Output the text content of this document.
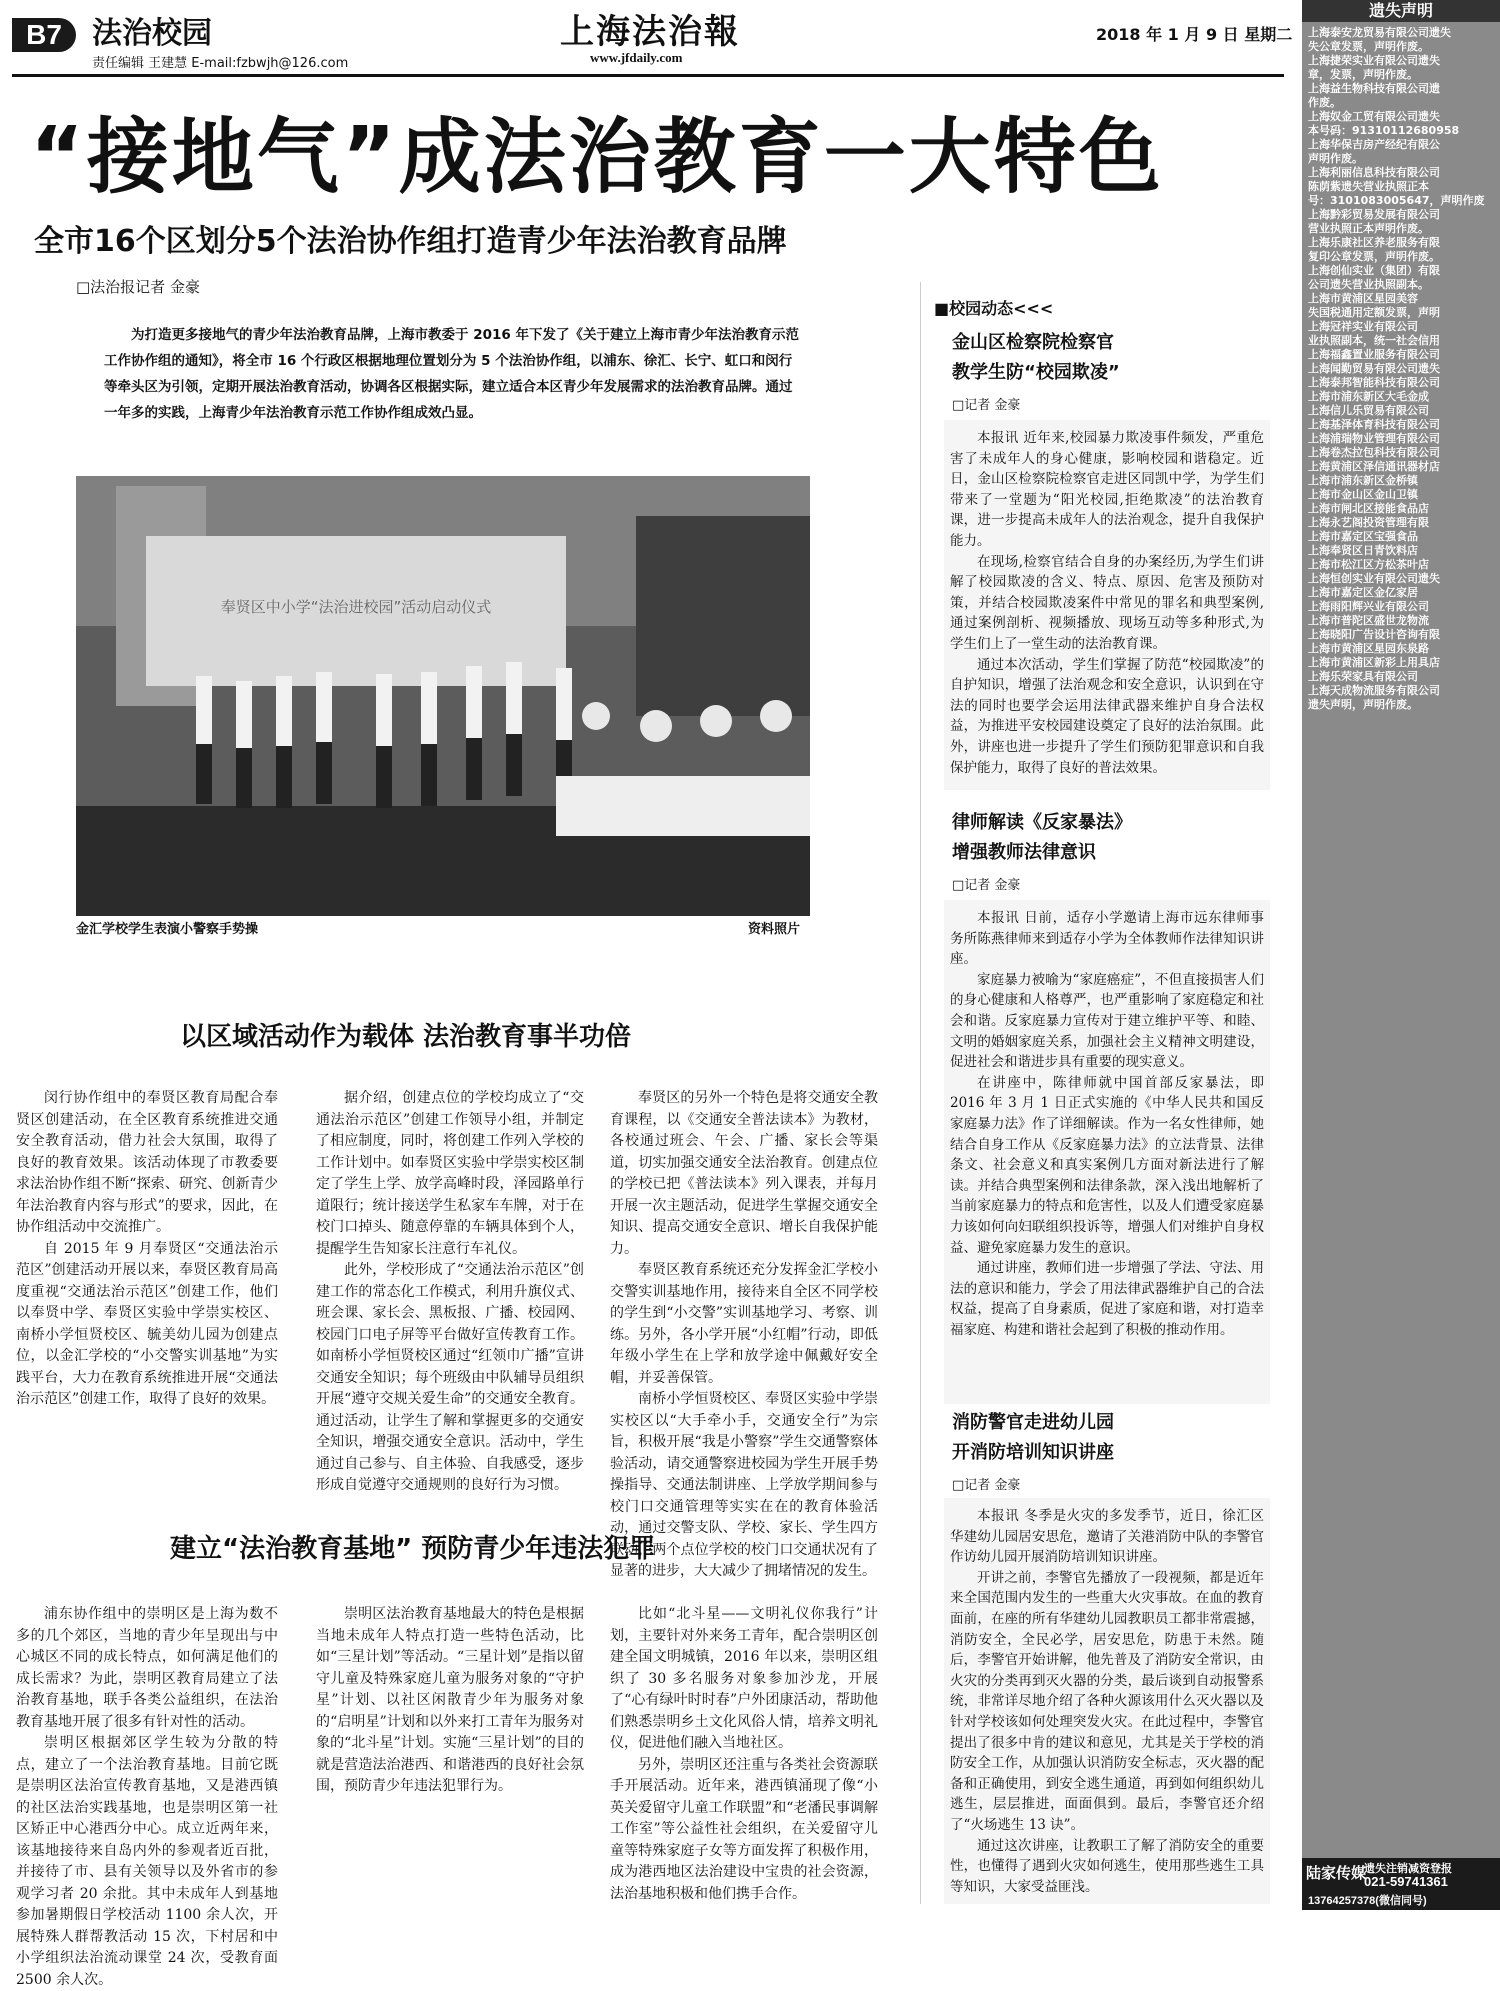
B7	法治校园
责任编辑 王建慧 E-mail:fzbwjh@126.com
上海法治報
www.jfdaily.com
2018 年 1 月 9 日 星期二
“接地气”成法治教育一大特色
全市16个区划分5个法治协作组打造青少年法治教育品牌
□法治报记者 金豪
为打造更多接地气的青少年法治教育品牌，上海市教委于 2016 年下发了《关于建立上海市青少年法治教育示范工作协作组的通知》，将全市 16 个行政区根据地理位置划分为 5 个法治协作组，以浦东、徐汇、长宁、虹口和闵行等牵头区为引领，定期开展法治教育活动，协调各区根据实际，建立适合本区青少年发展需求的法治教育品牌。通过一年多的实践，上海青少年法治教育示范工作协作组成效凸显。
奉贤区中小学“法治进校园”活动启动仪式
金汇学校学生表演小警察手势操	资料照片
以区域活动作为载体 法治教育事半功倍

闵行协作组中的奉贤区教育局配合奉贤区创建活动，在全区教育系统推进交通安全教育活动，借力社会大氛围，取得了良好的教育效果。该活动体现了市教委要求法治协作组不断“探索、研究、创新青少年法治教育内容与形式”的要求，因此，在协作组活动中交流推广。

自 2015 年 9 月奉贤区“交通法治示范区”创建活动开展以来，奉贤区教育局高度重视“交通法治示范区”创建工作，他们以奉贤中学、奉贤区实验中学崇实校区、南桥小学恒贤校区、毓美幼儿园为创建点位，以金汇学校的“小交警实训基地”为实践平台，大力在教育系统推进开展“交通法治示范区”创建工作，取得了良好的效果。

据介绍，创建点位的学校均成立了“交通法治示范区”创建工作领导小组，并制定了相应制度，同时，将创建工作列入学校的工作计划中。如奉贤区实验中学崇实校区制定了学生上学、放学高峰时段，泽园路单行道限行；统计接送学生私家车车牌，对于在校门口掉头、随意停靠的车辆具体到个人，提醒学生告知家长注意行车礼仪。

此外，学校形成了“交通法治示范区”创建工作的常态化工作模式，利用升旗仪式、班会课、家长会、黑板报、广播、校园网、校园门口电子屏等平台做好宣传教育工作。如南桥小学恒贤校区通过“红领巾广播”宣讲交通安全知识；每个班级由中队辅导员组织开展“遵守交规关爱生命”的交通安全教育。通过活动，让学生了解和掌握更多的交通安全知识，增强交通安全意识。活动中，学生通过自己参与、自主体验、自我感受，逐步形成自觉遵守交通规则的良好行为习惯。

奉贤区的另外一个特色是将交通安全教育课程，以《交通安全普法读本》为教材，各校通过班会、午会、广播、家长会等渠道，切实加强交通安全法治教育。创建点位的学校已把《普法读本》列入课表，并每月开展一次主题活动，促进学生掌握交通安全知识、提高交通安全意识、增长自我保护能力。

奉贤区教育系统还充分发挥金汇学校小交警实训基地作用，接待来自全区不同学校的学生到“小交警”实训基地学习、考察、训练。另外，各小学开展“小红帽”行动，即低年级小学生在上学和放学途中佩戴好安全帽，并妥善保管。

南桥小学恒贤校区、奉贤区实验中学崇实校区以“大手牵小手，交通安全行”为宗旨，积极开展“我是小警察”学生交通警察体验活动，请交通警察进校园为学生开展手势操指导、交通法制讲座、上学放学期间参与校门口交通管理等实实在在的教育体验活动，通过交警支队、学校、家长、学生四方联动，两个点位学校的校门口交通状况有了显著的进步，大大减少了拥堵情况的发生。

建立“法治教育基地” 预防青少年违法犯罪

浦东协作组中的崇明区是上海为数不多的几个郊区，当地的青少年呈现出与中心城区不同的成长特点，如何满足他们的成长需求？为此，崇明区教育局建立了法治教育基地，联手各类公益组织，在法治教育基地开展了很多有针对性的活动。

崇明区根据郊区学生较为分散的特点，建立了一个法治教育基地。目前它既是崇明区法治宣传教育基地，又是港西镇的社区法治实践基地，也是崇明区第一社区矫正中心港西分中心。成立近两年来，该基地接待来自岛内外的参观者近百批，并接待了市、县有关领导以及外省市的参观学习者 20 余批。其中未成年人到基地参加暑期假日学校活动 1100 余人次，开展特殊人群帮教活动 15 次，下村居和中小学组织法治流动课堂 24 次，受教育面 2500 余人次。

崇明区法治教育基地最大的特色是根据当地未成年人特点打造一些特色活动，比如“三星计划”等活动。“三星计划”是指以留守儿童及特殊家庭儿童为服务对象的“守护星”计划、以社区闲散青少年为服务对象的“启明星”计划和以外来打工青年为服务对象的“北斗星”计划。实施“三星计划”的目的就是营造法治港西、和谐港西的良好社会氛围，预防青少年违法犯罪行为。

比如“北斗星——文明礼仪你我行”计划，主要针对外来务工青年，配合崇明区创建全国文明城镇，2016 年以来，崇明区组织了 30 多名服务对象参加沙龙，开展了“心有绿叶时时春”户外团康活动，帮助他们熟悉崇明乡土文化风俗人情，培养文明礼仪，促进他们融入当地社区。

另外，崇明区还注重与各类社会资源联手开展活动。近年来，港西镇涌现了像“小英关爱留守儿童工作联盟”和“老潘民事调解工作室”等公益性社会组织，在关爱留守儿童等特殊家庭子女等方面发挥了积极作用，成为港西地区法治建设中宝贵的社会资源，法治基地积极和他们携手合作。

■校园动态<<<
金山区检察院检察官
教学生防“校园欺凌”
□记者 金豪

本报讯 近年来,校园暴力欺凌事件频发，严重危害了未成年人的身心健康，影响校园和谐稳定。近日，金山区检察院检察官走进区同凯中学，为学生们带来了一堂题为“阳光校园,拒绝欺凌”的法治教育课，进一步提高未成年人的法治观念，提升自我保护能力。

在现场,检察官结合自身的办案经历,为学生们讲解了校园欺凌的含义、特点、原因、危害及预防对策，并结合校园欺凌案件中常见的罪名和典型案例,通过案例剖析、视频播放、现场互动等多种形式,为学生们上了一堂生动的法治教育课。

通过本次活动，学生们掌握了防范“校园欺凌”的自护知识，增强了法治观念和安全意识，认识到在守法的同时也要学会运用法律武器来维护自身合法权益，为推进平安校园建设奠定了良好的法治氛围。此外，讲座也进一步提升了学生们预防犯罪意识和自我保护能力，取得了良好的普法效果。

律师解读《反家暴法》
增强教师法律意识
□记者 金豪

本报讯 日前，适存小学邀请上海市远东律师事务所陈燕律师来到适存小学为全体教师作法律知识讲座。

家庭暴力被喻为“家庭癌症”，不但直接损害人们的身心健康和人格尊严，也严重影响了家庭稳定和社会和谐。反家庭暴力宣传对于建立维护平等、和睦、文明的婚姻家庭关系，加强社会主义精神文明建设，促进社会和谐进步具有重要的现实意义。

在讲座中，陈律师就中国首部反家暴法，即 2016 年 3 月 1 日正式实施的《中华人民共和国反家庭暴力法》作了详细解读。作为一名女性律师，她结合自身工作从《反家庭暴力法》的立法背景、法律条文、社会意义和真实案例几方面对新法进行了解读。并结合典型案例和法律条款，深入浅出地解析了当前家庭暴力的特点和危害性，以及人们遭受家庭暴力该如何向妇联组织投诉等，增强人们对维护自身权益、避免家庭暴力发生的意识。

通过讲座，教师们进一步增强了学法、守法、用法的意识和能力，学会了用法律武器维护自己的合法权益，提高了自身素质，促进了家庭和谐，对打造幸福家庭、构建和谐社会起到了积极的推动作用。

消防警官走进幼儿园
开消防培训知识讲座
□记者 金豪

本报讯 冬季是火灾的多发季节，近日，徐汇区华建幼儿园居安思危，邀请了关港消防中队的李警官作访幼儿园开展消防培训知识讲座。

开讲之前，李警官先播放了一段视频，都是近年来全国范围内发生的一些重大火灾事故。在血的教育面前，在座的所有华建幼儿园教职员工都非常震撼，消防安全，全民必学，居安思危，防患于未然。随后，李警官开始讲解，他先普及了消防安全常识，由火灾的分类再到灭火器的分类，最后谈到自动报警系统，非常详尽地介绍了各种火源该用什么灭火器以及针对学校该如何处理突发火灾。在此过程中，李警官提出了很多中肯的建议和意见，尤其是关于学校的消防安全工作，从加强认识消防安全标志，灭火器的配备和正确使用，到安全逃生通道，再到如何组织幼儿逃生，层层推进，面面俱到。最后，李警官还介绍了“火场逃生 13 诀”。

通过这次讲座，让教职工了解了消防安全的重要性，也懂得了遇到火灾如何逃生，使用那些逃生工具等知识，大家受益匪浅。

上海泰安龙贸易有限公司遗失
失公章发票，声明作废。
上海捷荣实业有限公司遗失
章，发票，声明作废。
上海益生物科技有限公司遗
作废。
上海奴金工贸有限公司遗失
本号码：91310112680958
上海华保吉房产经纪有限公
声明作废。
上海利丽信息科技有限公司
陈荫紫遗失营业执照正本
号：3101083005647，声明作废
上海黔彩贸易发展有限公司
营业执照正本声明作废。
上海乐康社区养老服务有限
复印公章发票，声明作废。
上海创仙实业（集团）有限
公司遗失营业执照副本。
上海市黄浦区星园美容
失国税通用定额发票，声明
上海冠祥实业有限公司
业执照副本，统一社会信用
上海福鑫置业服务有限公司
上海闻勤贸易有限公司遗失
上海泰邦智能科技有限公司
上海市浦东新区大毛金成
上海信儿乐贸易有限公司
上海基泽体育科技有限公司
上海浦瑞物业管理有限公司
上海卷杰拉包科技有限公司
上海黄浦区泽信通讯器材店
上海市浦东新区金桥镇
上海市金山区金山卫镇
上海市闸北区接能食品店
上海永艺阁投资管理有限
上海市嘉定区宝强食品
上海奉贤区日青饮料店
上海市松江区方松茶叶店
上海恒创实业有限公司遗失
上海市嘉定区金亿家居
上海雨阳辉兴业有限公司
上海市普陀区盛世龙物流
上海晓阳广告设计咨询有限
上海市黄浦区星园东泉路
上海市黄浦区新彩上用具店
上海乐荣家具有限公司
上海天成物流服务有限公司
遗失声明，声明作废。
遗失声明
陆家传媒
遗失注销减资登报
021-59741361
13764257378(微信同号)
